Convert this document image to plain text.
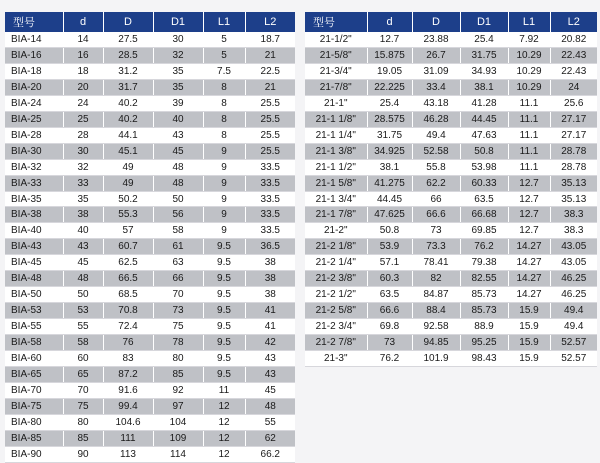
型号	d	D	D1	L1	L2
BIA-14	14	27.5	30	5	18.7
BIA-16	16	28.5	32	5	21
BIA-18	18	31.2	35	7.5	22.5
BIA-20	20	31.7	35	8	21
BIA-24	24	40.2	39	8	25.5
BIA-25	25	40.2	40	8	25.5
BIA-28	28	44.1	43	8	25.5
BIA-30	30	45.1	45	9	25.5
BIA-32	32	49	48	9	33.5
BIA-33	33	49	48	9	33.5
BIA-35	35	50.2	50	9	33.5
BIA-38	38	55.3	56	9	33.5
BIA-40	40	57	58	9	33.5
BIA-43	43	60.7	61	9.5	36.5
BIA-45	45	62.5	63	9.5	38
BIA-48	48	66.5	66	9.5	38
BIA-50	50	68.5	70	9.5	38
BIA-53	53	70.8	73	9.5	41
BIA-55	55	72.4	75	9.5	41
BIA-58	58	76	78	9.5	42
BIA-60	60	83	80	9.5	43
BIA-65	65	87.2	85	9.5	43
BIA-70	70	91.6	92	11	45
BIA-75	75	99.4	97	12	48
BIA-80	80	104.6	104	12	55
BIA-85	85	111	109	12	62
BIA-90	90	113	114	12	66.2
型号	d	D	D1	L1	L2
21-1/2"	12.7	23.88	25.4	7.92	20.82
21-5/8"	15.875	26.7	31.75	10.29	22.43
21-3/4"	19.05	31.09	34.93	10.29	22.43
21-7/8"	22.225	33.4	38.1	10.29	24
21-1"	25.4	43.18	41.28	11.1	25.6
21-1 1/8"	28.575	46.28	44.45	11.1	27.17
21-1 1/4"	31.75	49.4	47.63	11.1	27.17
21-1 3/8"	34.925	52.58	50.8	11.1	28.78
21-1 1/2"	38.1	55.8	53.98	11.1	28.78
21-1 5/8"	41.275	62.2	60.33	12.7	35.13
21-1 3/4"	44.45	66	63.5	12.7	35.13
21-1 7/8"	47.625	66.6	66.68	12.7	38.3
21-2"	50.8	73	69.85	12.7	38.3
21-2 1/8"	53.9	73.3	76.2	14.27	43.05
21-2 1/4"	57.1	78.41	79.38	14.27	43.05
21-2 3/8"	60.3	82	82.55	14.27	46.25
21-2 1/2"	63.5	84.87	85.73	14.27	46.25
21-2 5/8"	66.6	88.4	85.73	15.9	49.4
21-2 3/4"	69.8	92.58	88.9	15.9	49.4
21-2 7/8"	73	94.85	95.25	15.9	52.57
21-3"	76.2	101.9	98.43	15.9	52.57
